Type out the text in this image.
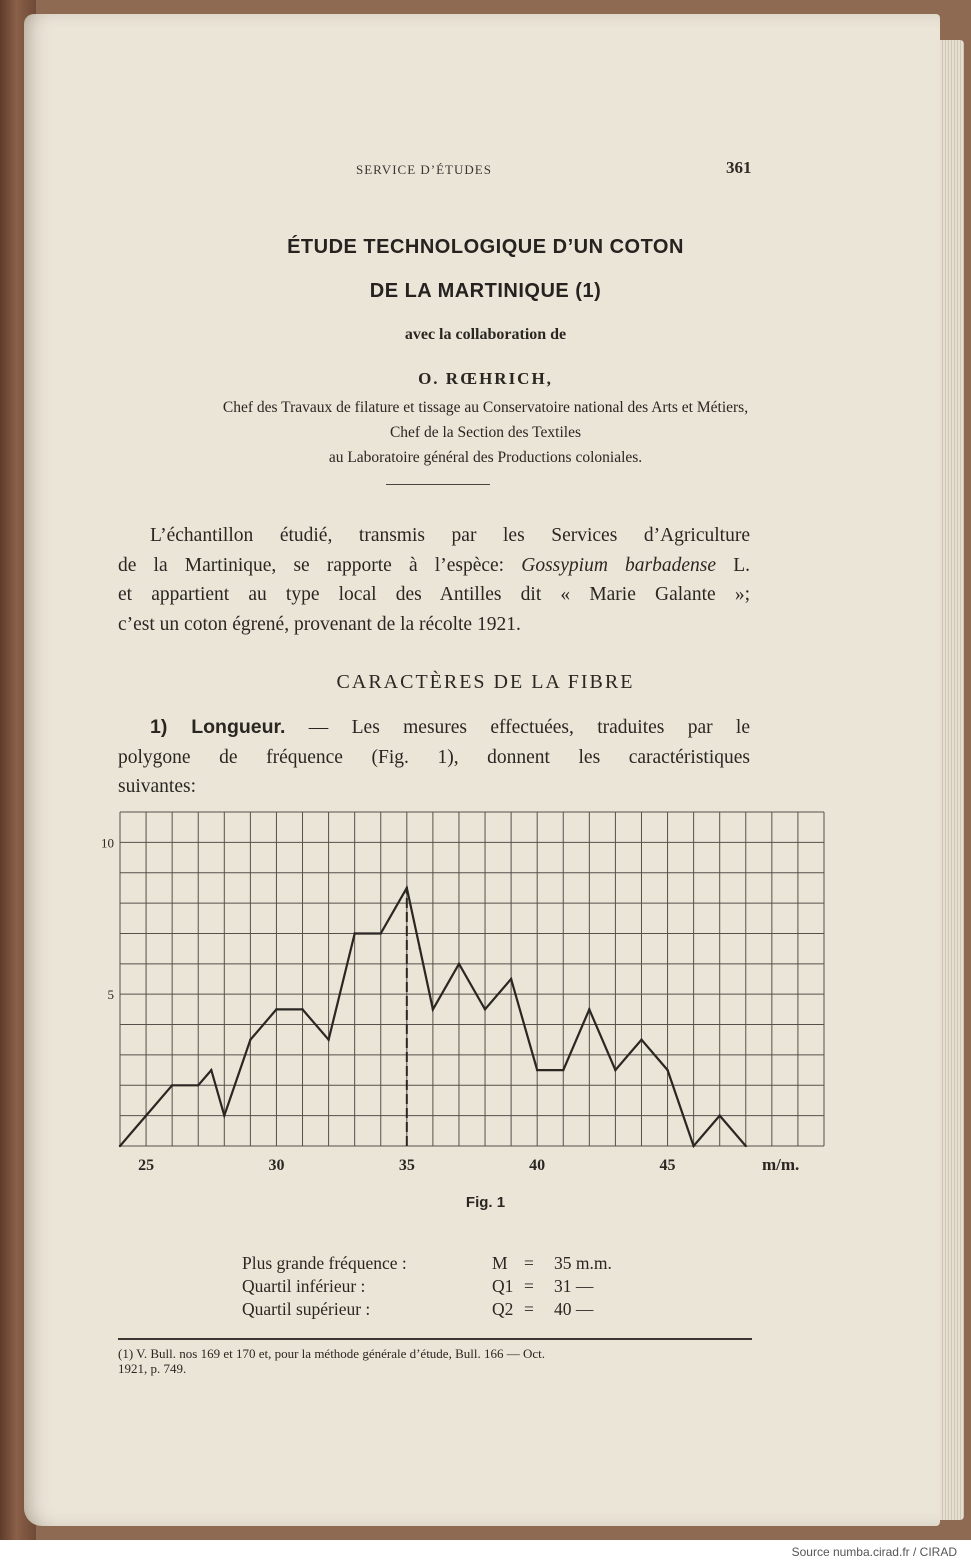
SERVICE D’ÉTUDES	361
ÉTUDE TECHNOLOGIQUE D’UN COTON
DE LA MARTINIQUE (1)
avec la collaboration de
O. RŒHRICH,
Chef des Travaux de filature et tissage au Conservatoire national des Arts et Métiers,
Chef de la Section des Textiles
au Laboratoire général des Productions coloniales.
L’échantillon étudié, transmis par les Services d’Agriculture
de la Martinique, se rapporte à l’espèce: Gossypium barbadense L.
et appartient au type local des Antilles dit « Marie Galante »;
c’est un coton égrené, provenant de la récolte 1921.
CARACTÈRES DE LA FIBRE
1) Longueur. — Les mesures effectuées, traduites par le
polygone de fréquence (Fig. 1), donnent les caractéristiques
suivantes:
25	30	35	40	45
10
5
m/m.
Fig. 1
Plus grande fréquence :	M =	35 m.m.
Quartil inférieur :	Q1 =	31 —
Quartil supérieur :	Q2 =	40 —
(1) V. Bull. nos 169 et 170 et, pour la méthode générale d’étude, Bull. 166 — Oct.
1921, p. 749.
Source numba.cirad.fr / CIRAD
